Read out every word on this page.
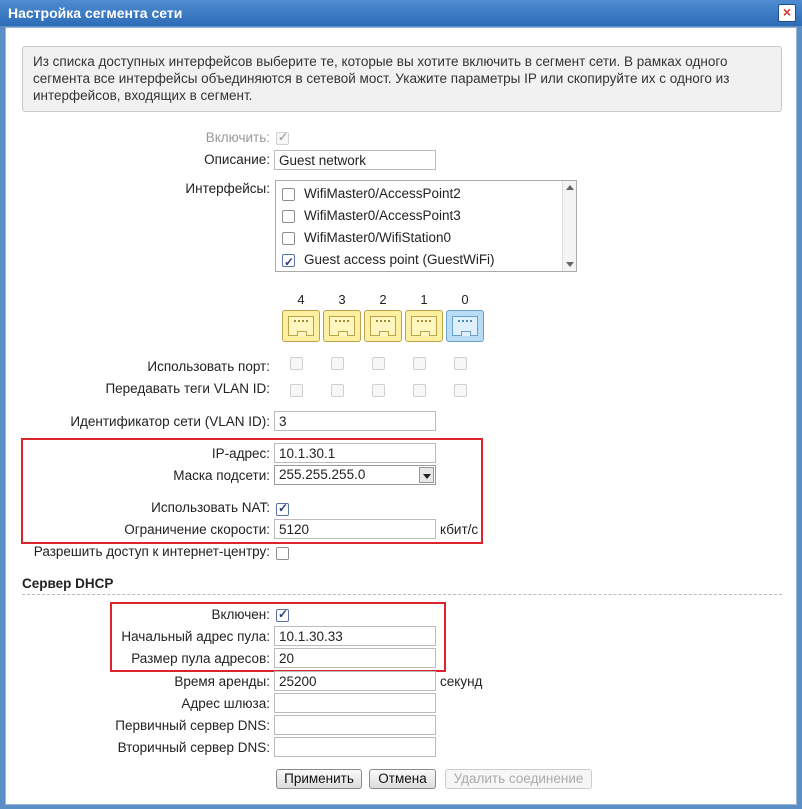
Настройка сегмента сети	×
Из списка доступных интерфейсов выберите те, которые вы хотите включить в сегмент сети. В рамках одного сегмента все интерфейсы объединяются в сетевой мост. Укажите параметры IP или скопируйте их с одного из интерфейсов, входящих в сегмент.
Включить:
✓
Описание:
Guest network
Интерфейсы:	WifiMaster0/AccessPoint2
WifiMaster0/AccessPoint3
WifiMaster0/WifiStation0
✓
Guest access point (GuestWiFi)
4	3	2	1	0
Использовать порт:
Передавать теги VLAN ID:
Идентификатор сети (VLAN ID):
3
IP-адрес:
10.1.30.1
Маска подсети: 255.255.255.0
Использовать NAT:
✓
Ограничение скорости:
5120	кбит/с
Разрешить доступ к интернет-центру:
Сервер DHCP
Включен:
✓
Начальный адрес пула:
10.1.30.33
Размер пула адресов:
20
Время аренды:
25200	секунд
Адрес шлюза:
Первичный сервер DNS:
Вторичный сервер DNS:
Применить	Отмена	Удалить соединение
